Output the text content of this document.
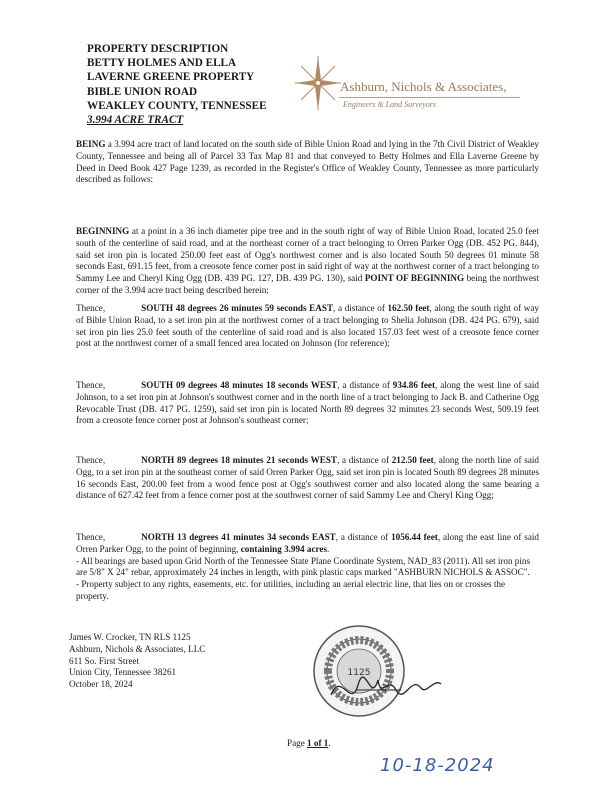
PROPERTY DESCRIPTION
BETTY HOLMES AND ELLA
LAVERNE GREENE PROPERTY
BIBLE UNION ROAD
WEAKLEY COUNTY, TENNESSEE
3.994 ACRE TRACT
Ashburn, Nichols & Associates,
Engineers & Land Surveyors
BEING a 3.994 acre tract of land located on the south side of Bible Union Road and lying in the 7th Civil District of Weakley County, Tennessee and being all of Parcel 33 Tax Map 81 and that conveyed to Betty Holmes and Ella Laverne Greene by Deed in Deed Book 427 Page 1239, as recorded in the Register's Office of Weakley County, Tennessee as more particularly described as follows:
BEGINNING at a point in a 36 inch diameter pipe tree and in the south right of way of Bible Union Road, located 25.0 feet south of the centerline of said road, and at the northeast corner of a tract belonging to Orren Parker Ogg (DB. 452 PG. 844), said set iron pin is located 250.00 feet east of Ogg's northwest corner and is also located South 50 degrees 01 minute 58 seconds East, 691.15 feet, from a creosote fence corner post in said right of way at the northwest corner of a tract belonging to Sammy Lee and Cheryl King Ogg (DB. 439 PG. 127, DB. 439 PG. 130), said POINT OF BEGINNING being the northwest corner of the 3.994 acre tract being described herein;
Thence,	SOUTH 48 degrees 26 minutes 59 seconds EAST, a distance of 162.50 feet, along the south right of way of Bible Union Road, to a set iron pin at the northwest corner of a tract belonging to Shelia Johnson (DB. 424 PG. 679), said set iron pin lies 25.0 feet south of the centerline of said road and is also located 157.03 feet west of a creosote fence corner post at the northwest corner of a small fenced area located on Johnson (for reference);
Thence,	SOUTH 09 degrees 48 minutes 18 seconds WEST, a distance of 934.86 feet, along the west line of said Johnson, to a set iron pin at Johnson's southwest corner and in the north line of a tract belonging to Jack B. and Catherine Ogg Revocable Trust (DB. 417 PG. 1259), said set iron pin is located North 89 degrees 32 minutes 23 seconds West, 509.19 feet from a creosote fence corner post at Johnson's southeast corner;
Thence,	NORTH 89 degrees 18 minutes 21 seconds WEST, a distance of 212.50 feet, along the north line of said Ogg, to a set iron pin at the southeast corner of said Orren Parker Ogg, said set iron pin is located South 89 degrees 28 minutes 16 seconds East, 200.00 feet from a wood fence post at Ogg's southwest corner and also located along the same bearing a distance of 627.42 feet from a fence corner post at the southwest corner of said Sammy Lee and Cheryl King Ogg;
Thence,	NORTH 13 degrees 41 minutes 34 seconds EAST, a distance of 1056.44 feet, along the east line of said Orren Parker Ogg, to the point of beginning, containing 3.994 acres.
- All bearings are based upon Grid North of the Tennessee State Plane Coordinate System, NAD_83 (2011). All set iron pins are 5/8" X 24" rebar, approximately 24 inches in length, with pink plastic caps marked "ASHBURN NICHOLS & ASSOC".
- Property subject to any rights, easements, etc. for utilities, including an aerial electric line, that lies on or crosses the property.
James W. Crocker, TN RLS 1125
Ashburn, Nichols & Associates, LLC
611 So. First Street
Union City, Tennessee 38261
October 18, 2024
1125
Page 1 of 1.
10-18-2024
